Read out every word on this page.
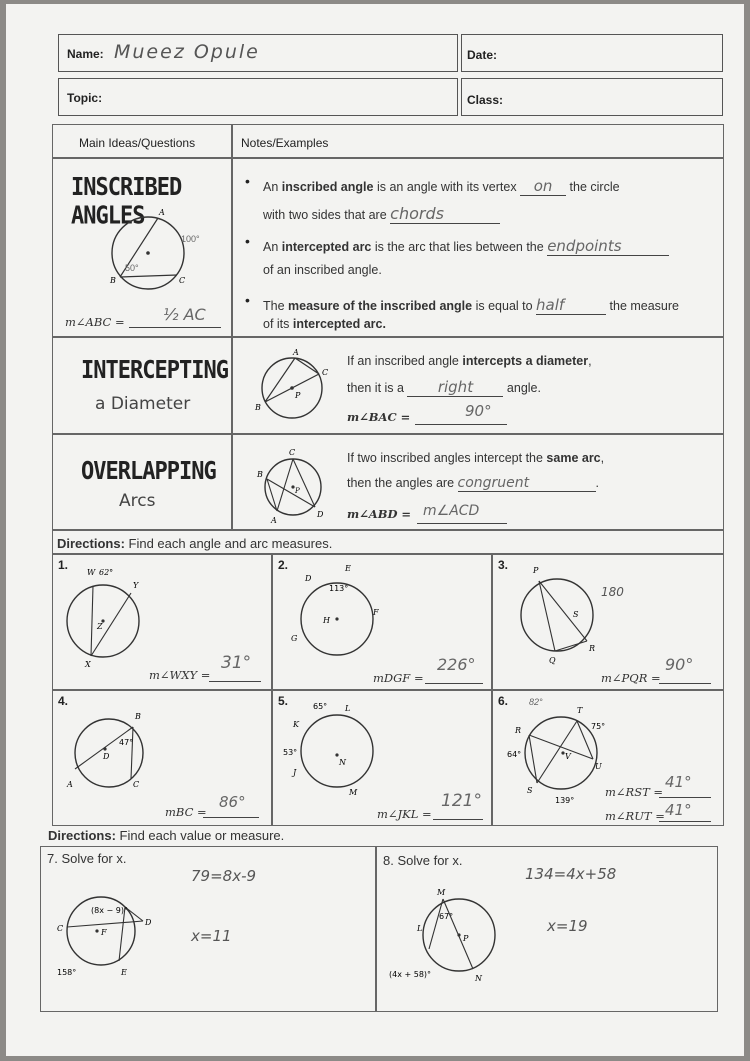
Name: Mueez Opule	Date:
Topic:	Class:
Main Ideas/Questions	Notes/Examples
INSCRIBED ANGLES	A
B	C
100°
50°
m∠ABC = ½ AC
• An inscribed angle is an angle with its vertex on the circle
with two sides that are chords
• An intercepted arc is the arc that lies between the endpoints
of an inscribed angle.
• The measure of the inscribed angle is equal to half	the measure
of its intercepted arc.
INTERCEPTING
a Diameter
A
B
C
P
If an inscribed angle intercepts a diameter,
then it is a right angle.
m∠BAC =	90°
OVERLAPPING
Arcs
C
B
A
D
P
If two inscribed angles intercept the same arc,
then the angles are congruent	.
m∠ABD = m∠ACD
Directions: Find each angle and arc measures.
1.
W 62°
Y
X
Z
m∠WXY =
31°
2.
D
E
F
G
H
113°
mDGF =
226°
3.	P
R
Q
S
180
m∠PQR =
90°
4.
B
A	C
D
47°
mBC =
86°
5.	65° L
K
53°
J
N
M
m∠JKL =
121°
6. 82°
T
R
64°
75°
U
S
V
139°
m∠RST =
41°
m∠RUT = 41°
Directions: Find each value or measure.
7. Solve for x.
C
D
F
E
(8x − 9)°
158°
79=8x-9
x=11
8. Solve for x.
M
L
N
P
67°
(4x + 58)°
134=4x+58
x=19
